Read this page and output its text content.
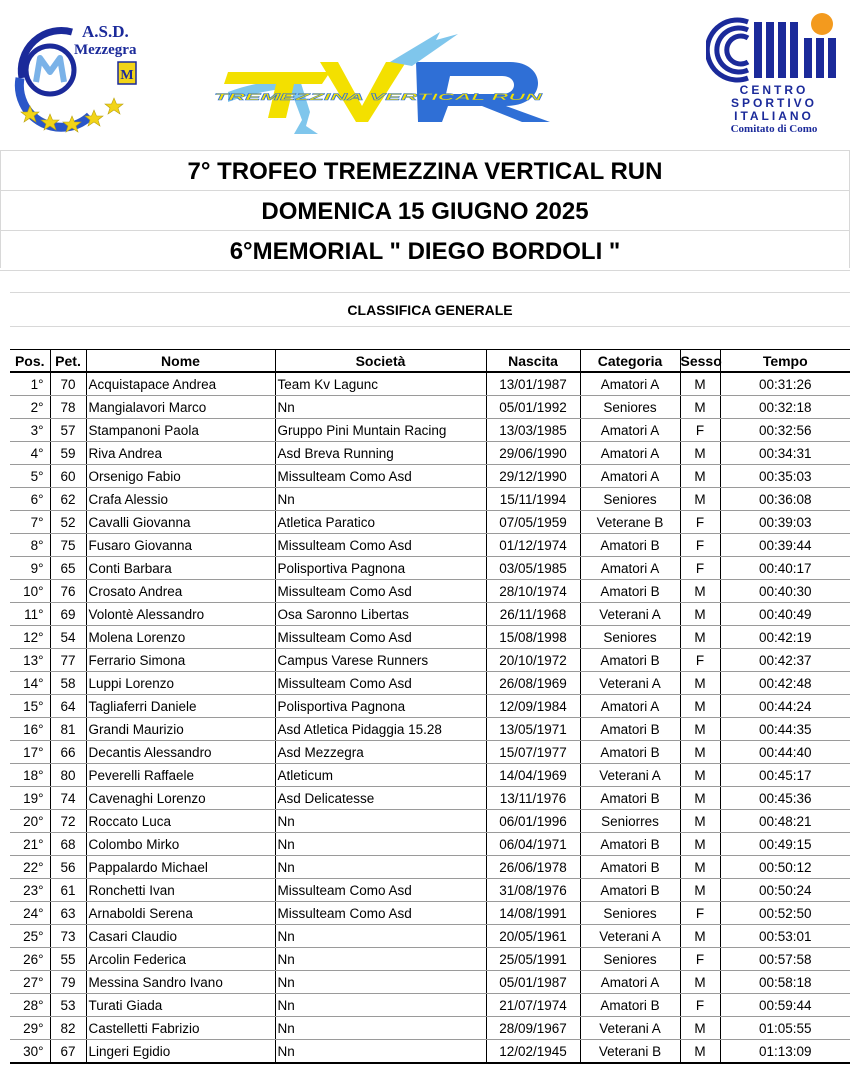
M
A.S.D.
Mezzegra
TREMEZZINA VERTICAL RUN	CENTRO
SPORTIVO
ITALIANO
Comitato di Como
7° TROFEO TREMEZZINA VERTICAL RUN
DOMENICA 15 GIUGNO 2025
6°MEMORIAL " DIEGO BORDOLI "
CLASSIFICA GENERALE
Pos.	Pet.	Nome	Società	Nascita	Categoria	Sesso	Tempo
1°	70	Acquistapace Andrea	Team Kv Lagunc	13/01/1987	Amatori A	M	00:31:26
2°	78	Mangialavori Marco	Nn	05/01/1992	Seniores	M	00:32:18
3°	57	Stampanoni Paola	Gruppo Pini Muntain Racing	13/03/1985	Amatori A	F	00:32:56
4°	59	Riva Andrea	Asd Breva Running	29/06/1990	Amatori A	M	00:34:31
5°	60	Orsenigo Fabio	Missulteam Como Asd	29/12/1990	Amatori A	M	00:35:03
6°	62	Crafa Alessio	Nn	15/11/1994	Seniores	M	00:36:08
7°	52	Cavalli Giovanna	Atletica Paratico	07/05/1959	Veterane B	F	00:39:03
8°	75	Fusaro Giovanna	Missulteam Como Asd	01/12/1974	Amatori B	F	00:39:44
9°	65	Conti Barbara	Polisportiva Pagnona	03/05/1985	Amatori A	F	00:40:17
10°	76	Crosato Andrea	Missulteam Como Asd	28/10/1974	Amatori B	M	00:40:30
11°	69	Volontè Alessandro	Osa Saronno Libertas	26/11/1968	Veterani A	M	00:40:49
12°	54	Molena Lorenzo	Missulteam Como Asd	15/08/1998	Seniores	M	00:42:19
13°	77	Ferrario Simona	Campus Varese Runners	20/10/1972	Amatori B	F	00:42:37
14°	58	Luppi Lorenzo	Missulteam Como Asd	26/08/1969	Veterani A	M	00:42:48
15°	64	Tagliaferri Daniele	Polisportiva Pagnona	12/09/1984	Amatori A	M	00:44:24
16°	81	Grandi Maurizio	Asd Atletica Pidaggia 15.28	13/05/1971	Amatori B	M	00:44:35
17°	66	Decantis Alessandro	Asd Mezzegra	15/07/1977	Amatori B	M	00:44:40
18°	80	Peverelli Raffaele	Atleticum	14/04/1969	Veterani A	M	00:45:17
19°	74	Cavenaghi Lorenzo	Asd Delicatesse	13/11/1976	Amatori B	M	00:45:36
20°	72	Roccato Luca	Nn	06/01/1996	Seniorres	M	00:48:21
21°	68	Colombo Mirko	Nn	06/04/1971	Amatori B	M	00:49:15
22°	56	Pappalardo Michael	Nn	26/06/1978	Amatori B	M	00:50:12
23°	61	Ronchetti Ivan	Missulteam Como Asd	31/08/1976	Amatori B	M	00:50:24
24°	63	Arnaboldi Serena	Missulteam Como Asd	14/08/1991	Seniores	F	00:52:50
25°	73	Casari Claudio	Nn	20/05/1961	Veterani A	M	00:53:01
26°	55	Arcolin Federica	Nn	25/05/1991	Seniores	F	00:57:58
27°	79	Messina Sandro Ivano	Nn	05/01/1987	Amatori A	M	00:58:18
28°	53	Turati Giada	Nn	21/07/1974	Amatori B	F	00:59:44
29°	82	Castelletti Fabrizio	Nn	28/09/1967	Veterani A	M	01:05:55
30°	67	Lingeri Egidio	Nn	12/02/1945	Veterani B	M	01:13:09
